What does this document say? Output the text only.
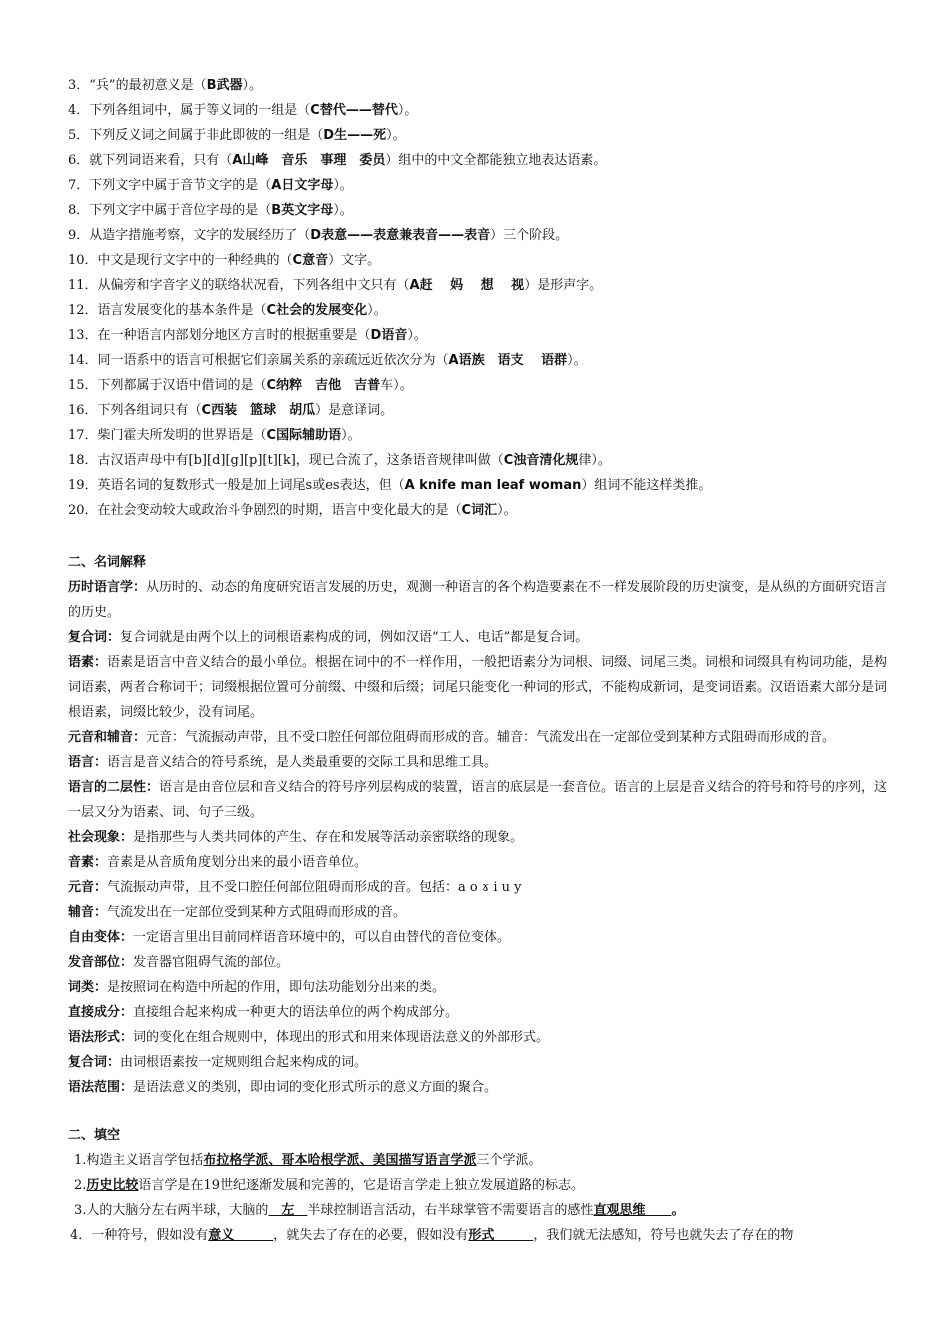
3．“兵”的最初意义是（B武器）。
4．下列各组词中，属于等义词的一组是（C替代——替代）。
5．下列反义词之间属于非此即彼的一组是（D生——死）。
6．就下列词语来看，只有（A山峰　音乐　事理　委员）组中的中文全都能独立地表达语素。
7．下列文字中属于音节文字的是（A日文字母）。
8．下列文字中属于音位字母的是（B英文字母）。
9．从造字措施考察，文字的发展经历了（D表意——表意兼表音——表音）三个阶段。
10．中文是现行文字中的一种经典的（C意音）文字。
11．从偏旁和字音字义的联络状况看，下列各组中文只有（A赶　 妈　 想　 视）是形声字。
12．语言发展变化的基本条件是（C社会的发展变化）。
13．在一种语言内部划分地区方言时的根据重要是（D语音）。
14．同一语系中的语言可根据它们亲属关系的亲疏远近依次分为（A语族　语支　 语群）。
15．下列都属于汉语中借词的是（C纳粹　吉他　吉普车）。
16．下列各组词只有（C西装　篮球　胡瓜）是意译词。
17．柴门霍夫所发明的世界语是（C国际辅助语）。
18．古汉语声母中有[b][d][g][p][t][k]，现已合流了，这条语音规律叫做（C浊音清化规律）。
19．英语名词的复数形式一般是加上词尾s或es表达，但（A knife man leaf woman）组词不能这样类推。
20．在社会变动较大或政治斗争剧烈的时期，语言中变化最大的是（C词汇）。
二、名词解释
历时语言学：从历时的、动态的角度研究语言发展的历史，观测一种语言的各个构造要素在不一样发展阶段的历史演变，是从纵的方面研究语言的历史。
复合词：复合词就是由两个以上的词根语素构成的词，例如汉语“工人、电话”都是复合词。
语素：语素是语言中音义结合的最小单位。根据在词中的不一样作用，一般把语素分为词根、词缀、词尾三类。词根和词缀具有构词功能，是构词语素，两者合称词干；词缀根据位置可分前缀、中缀和后缀；词尾只能变化一种词的形式，不能构成新词，是变词语素。汉语语素大部分是词根语素，词缀比较少，没有词尾。
元音和辅音：元音：气流振动声带，且不受口腔任何部位阻碍而形成的音。辅音：气流发出在一定部位受到某种方式阻碍而形成的音。
语言：语言是音义结合的符号系统，是人类最重要的交际工具和思维工具。
语言的二层性：语言是由音位层和音义结合的符号序列层构成的装置，语言的底层是一套音位。语言的上层是音义结合的符号和符号的序列，这一层又分为语素、词、句子三级。
社会现象：是指那些与人类共同体的产生、存在和发展等活动亲密联络的现象。
音素：音素是从音质角度划分出来的最小语音单位。
元音：气流振动声带，且不受口腔任何部位阻碍而形成的音。包括：a o ɤ i u y
辅音：气流发出在一定部位受到某种方式阻碍而形成的音。
自由变体：一定语言里出目前同样语音环境中的，可以自由替代的音位变体。
发音部位：发音器官阻碍气流的部位。
词类：是按照词在构造中所起的作用，即句法功能划分出来的类。
直接成分：直接组合起来构成一种更大的语法单位的两个构成部分。
语法形式：词的变化在组合规则中，体现出的形式和用来体现语法意义的外部形式。
复合词：由词根语素按一定规则组合起来构成的词。
语法范围：是语法意义的类别，即由词的变化形式所示的意义方面的聚合。
二、填空
1.构造主义语言学包括布拉格学派、哥本哈根学派、美国描写语言学派三个学派。
2.历史比较语言学是在19世纪逐渐发展和完善的，它是语言学走上独立发展道路的标志。
3.人的大脑分左右两半球，大脑的　左　半球控制语言活动，右半球掌管不需要语言的感性直观思维　　。
4．一种符号，假如没有意义　　　，就失去了存在的必要，假如没有形式　　　，我们就无法感知，符号也就失去了存在的物
